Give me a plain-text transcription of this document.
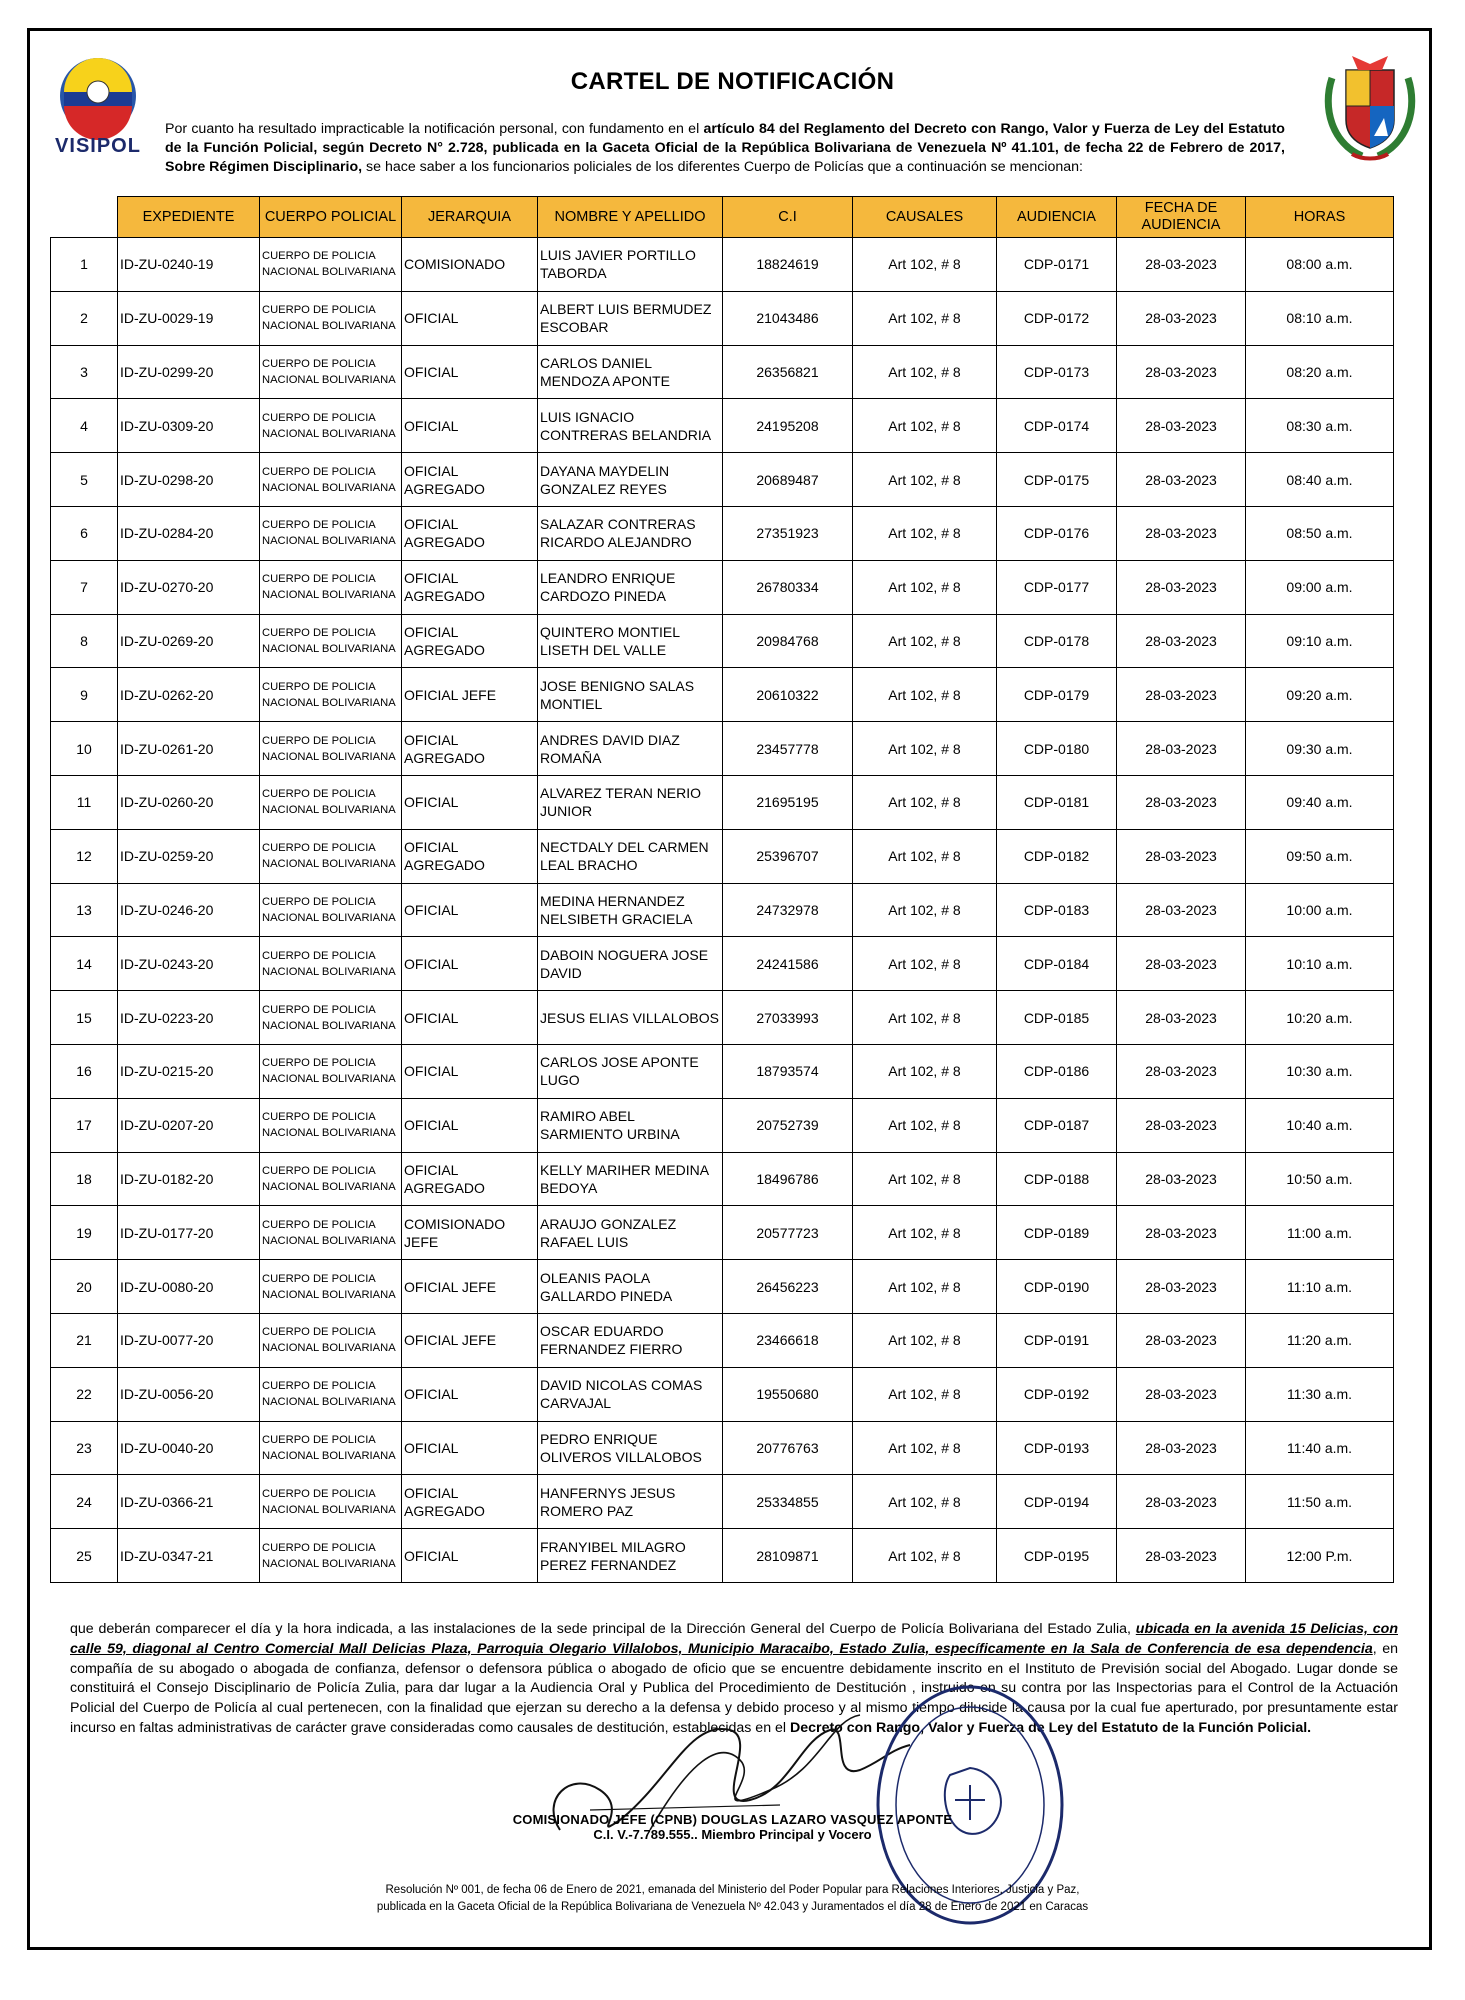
VISIPOL
CARTEL DE NOTIFICACIÓN
Por cuanto ha resultado impracticable la notificación personal, con fundamento en el artículo 84 del Reglamento del Decreto con Rango, Valor y Fuerza de Ley del Estatuto de la Función Policial, según Decreto N° 2.728, publicada en la Gaceta Oficial de la República Bolivariana de Venezuela Nº 41.101, de fecha 22 de Febrero de 2017, Sobre Régimen Disciplinario, se hace saber a los funcionarios policiales de los diferentes Cuerpo de Policías que a continuación se mencionan:
	EXPEDIENTE	CUERPO POLICIAL	JERARQUIA	NOMBRE Y APELLIDO	C.I	CAUSALES	AUDIENCIA	FECHA DE AUDIENCIA	HORAS
1	ID-ZU-0240-19	CUERPO DE POLICIA NACIONAL BOLIVARIANA	COMISIONADO	LUIS JAVIER PORTILLO TABORDA	18824619	Art 102, # 8	CDP-0171	28-03-2023	08:00 a.m.
2	ID-ZU-0029-19	CUERPO DE POLICIA NACIONAL BOLIVARIANA	OFICIAL	ALBERT LUIS BERMUDEZ ESCOBAR	21043486	Art 102, # 8	CDP-0172	28-03-2023	08:10 a.m.
3	ID-ZU-0299-20	CUERPO DE POLICIA NACIONAL BOLIVARIANA	OFICIAL	CARLOS DANIEL MENDOZA APONTE	26356821	Art 102, # 8	CDP-0173	28-03-2023	08:20 a.m.
4	ID-ZU-0309-20	CUERPO DE POLICIA NACIONAL BOLIVARIANA	OFICIAL	LUIS IGNACIO CONTRERAS BELANDRIA	24195208	Art 102, # 8	CDP-0174	28-03-2023	08:30 a.m.
5	ID-ZU-0298-20	CUERPO DE POLICIA NACIONAL BOLIVARIANA	OFICIAL AGREGADO	DAYANA MAYDELIN GONZALEZ REYES	20689487	Art 102, # 8	CDP-0175	28-03-2023	08:40 a.m.
6	ID-ZU-0284-20	CUERPO DE POLICIA NACIONAL BOLIVARIANA	OFICIAL AGREGADO	SALAZAR CONTRERAS RICARDO ALEJANDRO	27351923	Art 102, # 8	CDP-0176	28-03-2023	08:50 a.m.
7	ID-ZU-0270-20	CUERPO DE POLICIA NACIONAL BOLIVARIANA	OFICIAL AGREGADO	LEANDRO ENRIQUE CARDOZO PINEDA	26780334	Art 102, # 8	CDP-0177	28-03-2023	09:00 a.m.
8	ID-ZU-0269-20	CUERPO DE POLICIA NACIONAL BOLIVARIANA	OFICIAL AGREGADO	QUINTERO MONTIEL LISETH DEL VALLE	20984768	Art 102, # 8	CDP-0178	28-03-2023	09:10 a.m.
9	ID-ZU-0262-20	CUERPO DE POLICIA NACIONAL BOLIVARIANA	OFICIAL JEFE	JOSE BENIGNO SALAS MONTIEL	20610322	Art 102, # 8	CDP-0179	28-03-2023	09:20 a.m.
10	ID-ZU-0261-20	CUERPO DE POLICIA NACIONAL BOLIVARIANA	OFICIAL AGREGADO	ANDRES DAVID DIAZ ROMAÑA	23457778	Art 102, # 8	CDP-0180	28-03-2023	09:30 a.m.
11	ID-ZU-0260-20	CUERPO DE POLICIA NACIONAL BOLIVARIANA	OFICIAL	ALVAREZ TERAN NERIO JUNIOR	21695195	Art 102, # 8	CDP-0181	28-03-2023	09:40 a.m.
12	ID-ZU-0259-20	CUERPO DE POLICIA NACIONAL BOLIVARIANA	OFICIAL AGREGADO	NECTDALY DEL CARMEN LEAL BRACHO	25396707	Art 102, # 8	CDP-0182	28-03-2023	09:50 a.m.
13	ID-ZU-0246-20	CUERPO DE POLICIA NACIONAL BOLIVARIANA	OFICIAL	MEDINA HERNANDEZ NELSIBETH GRACIELA	24732978	Art 102, # 8	CDP-0183	28-03-2023	10:00 a.m.
14	ID-ZU-0243-20	CUERPO DE POLICIA NACIONAL BOLIVARIANA	OFICIAL	DABOIN NOGUERA JOSE DAVID	24241586	Art 102, # 8	CDP-0184	28-03-2023	10:10 a.m.
15	ID-ZU-0223-20	CUERPO DE POLICIA NACIONAL BOLIVARIANA	OFICIAL	JESUS ELIAS VILLALOBOS	27033993	Art 102, # 8	CDP-0185	28-03-2023	10:20 a.m.
16	ID-ZU-0215-20	CUERPO DE POLICIA NACIONAL BOLIVARIANA	OFICIAL	CARLOS JOSE APONTE LUGO	18793574	Art 102, # 8	CDP-0186	28-03-2023	10:30 a.m.
17	ID-ZU-0207-20	CUERPO DE POLICIA NACIONAL BOLIVARIANA	OFICIAL	RAMIRO ABEL SARMIENTO URBINA	20752739	Art 102, # 8	CDP-0187	28-03-2023	10:40 a.m.
18	ID-ZU-0182-20	CUERPO DE POLICIA NACIONAL BOLIVARIANA	OFICIAL AGREGADO	KELLY MARIHER MEDINA BEDOYA	18496786	Art 102, # 8	CDP-0188	28-03-2023	10:50 a.m.
19	ID-ZU-0177-20	CUERPO DE POLICIA NACIONAL BOLIVARIANA	COMISIONADO JEFE	ARAUJO GONZALEZ RAFAEL LUIS	20577723	Art 102, # 8	CDP-0189	28-03-2023	11:00 a.m.
20	ID-ZU-0080-20	CUERPO DE POLICIA NACIONAL BOLIVARIANA	OFICIAL JEFE	OLEANIS PAOLA GALLARDO PINEDA	26456223	Art 102, # 8	CDP-0190	28-03-2023	11:10 a.m.
21	ID-ZU-0077-20	CUERPO DE POLICIA NACIONAL BOLIVARIANA	OFICIAL JEFE	OSCAR EDUARDO FERNANDEZ FIERRO	23466618	Art 102, # 8	CDP-0191	28-03-2023	11:20 a.m.
22	ID-ZU-0056-20	CUERPO DE POLICIA NACIONAL BOLIVARIANA	OFICIAL	DAVID NICOLAS COMAS CARVAJAL	19550680	Art 102, # 8	CDP-0192	28-03-2023	11:30 a.m.
23	ID-ZU-0040-20	CUERPO DE POLICIA NACIONAL BOLIVARIANA	OFICIAL	PEDRO ENRIQUE OLIVEROS VILLALOBOS	20776763	Art 102, # 8	CDP-0193	28-03-2023	11:40 a.m.
24	ID-ZU-0366-21	CUERPO DE POLICIA NACIONAL BOLIVARIANA	OFICIAL AGREGADO	HANFERNYS JESUS ROMERO PAZ	25334855	Art 102, # 8	CDP-0194	28-03-2023	11:50 a.m.
25	ID-ZU-0347-21	CUERPO DE POLICIA NACIONAL BOLIVARIANA	OFICIAL	FRANYIBEL MILAGRO PEREZ FERNANDEZ	28109871	Art 102, # 8	CDP-0195	28-03-2023	12:00 P.m.
que deberán comparecer el día y la hora indicada, a las instalaciones de la sede principal de la Dirección General del Cuerpo de Policía Bolivariana del Estado Zulia, ubicada en la avenida 15 Delicias, con calle 59, diagonal al Centro Comercial Mall Delicias Plaza, Parroquia Olegario Villalobos, Municipio Maracaibo, Estado Zulia, específicamente en la Sala de Conferencia de esa dependencia, en compañía de su abogado o abogada de confianza, defensor o defensora pública o abogado de oficio que se encuentre debidamente inscrito en el Instituto de Previsión social del Abogado. Lugar donde se constituirá el Consejo Disciplinario de Policía Zulia, para dar lugar a la Audiencia Oral y Publica del Procedimiento de Destitución , instruido en su contra por las Inspectorias para el Control de la Actuación Policial del Cuerpo de Policía al cual pertenecen, con la finalidad que ejerzan su derecho a la defensa y debido proceso y al mismo tiempo dilucide la causa por la cual fue aperturado, por presuntamente estar incurso en faltas administrativas de carácter grave consideradas como causales de destitución, establecidas en el Decreto con Rango, Valor y Fuerza de Ley del Estatuto de la Función Policial.
COMISIONADO JEFE (CPNB) DOUGLAS LAZARO VASQUEZ APONTE
C.I. V.-7.789.555.. Miembro Principal y Vocero
Resolución Nº 001, de fecha 06 de Enero de 2021, emanada del Ministerio del Poder Popular para Relaciones Interiores, Justicia y Paz,
publicada en la Gaceta Oficial de la República Bolivariana de Venezuela Nº 42.043 y Juramentados el día 28 de Enero de 2021 en Caracas
